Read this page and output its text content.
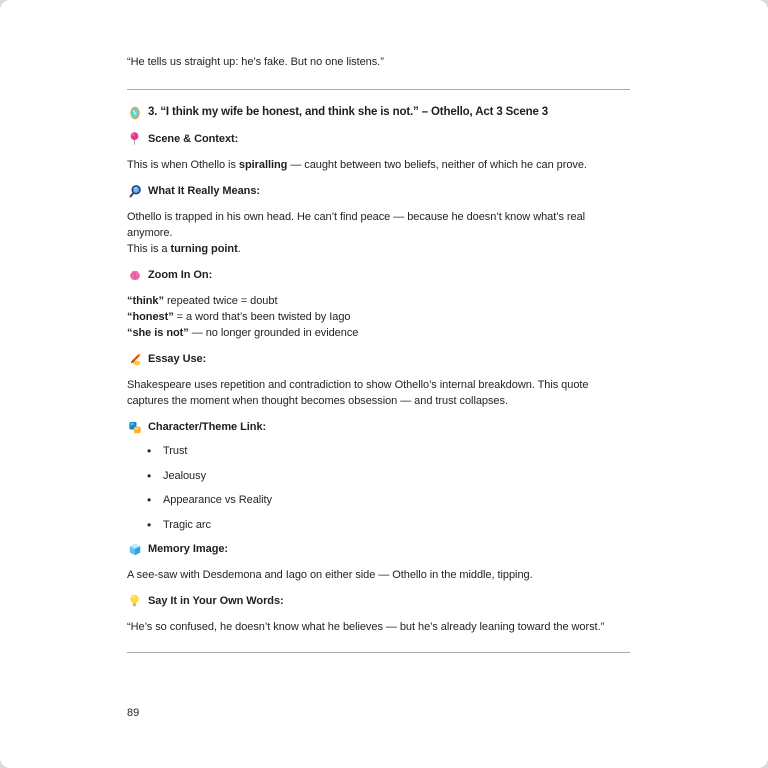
“He tells us straight up: he’s fake. But no one listens.”

3. “I think my wife be honest, and think she is not.” – Othello, Act 3 Scene 3
Scene & Context:

This is when Othello is spiralling — caught between two beliefs, neither of which he can prove.

What It Really Means:

Othello is trapped in his own head. He can’t find peace — because he doesn’t know what’s real anymore.
This is a turning point.

Zoom In On:

“think” repeated twice = doubt
“honest” = a word that’s been twisted by Iago
“she is not” — no longer grounded in evidence

Essay Use:

Shakespeare uses repetition and contradiction to show Othello’s internal breakdown. This quote captures the moment when thought becomes obsession — and trust collapses.

Character/Theme Link:
• Trust
• Jealousy
• Appearance vs Reality
• Tragic arc
Memory Image:

A see-saw with Desdemona and Iago on either side — Othello in the middle, tipping.

Say It in Your Own Words:

“He’s so confused, he doesn’t know what he believes — but he’s already leaning toward the worst.”

89
